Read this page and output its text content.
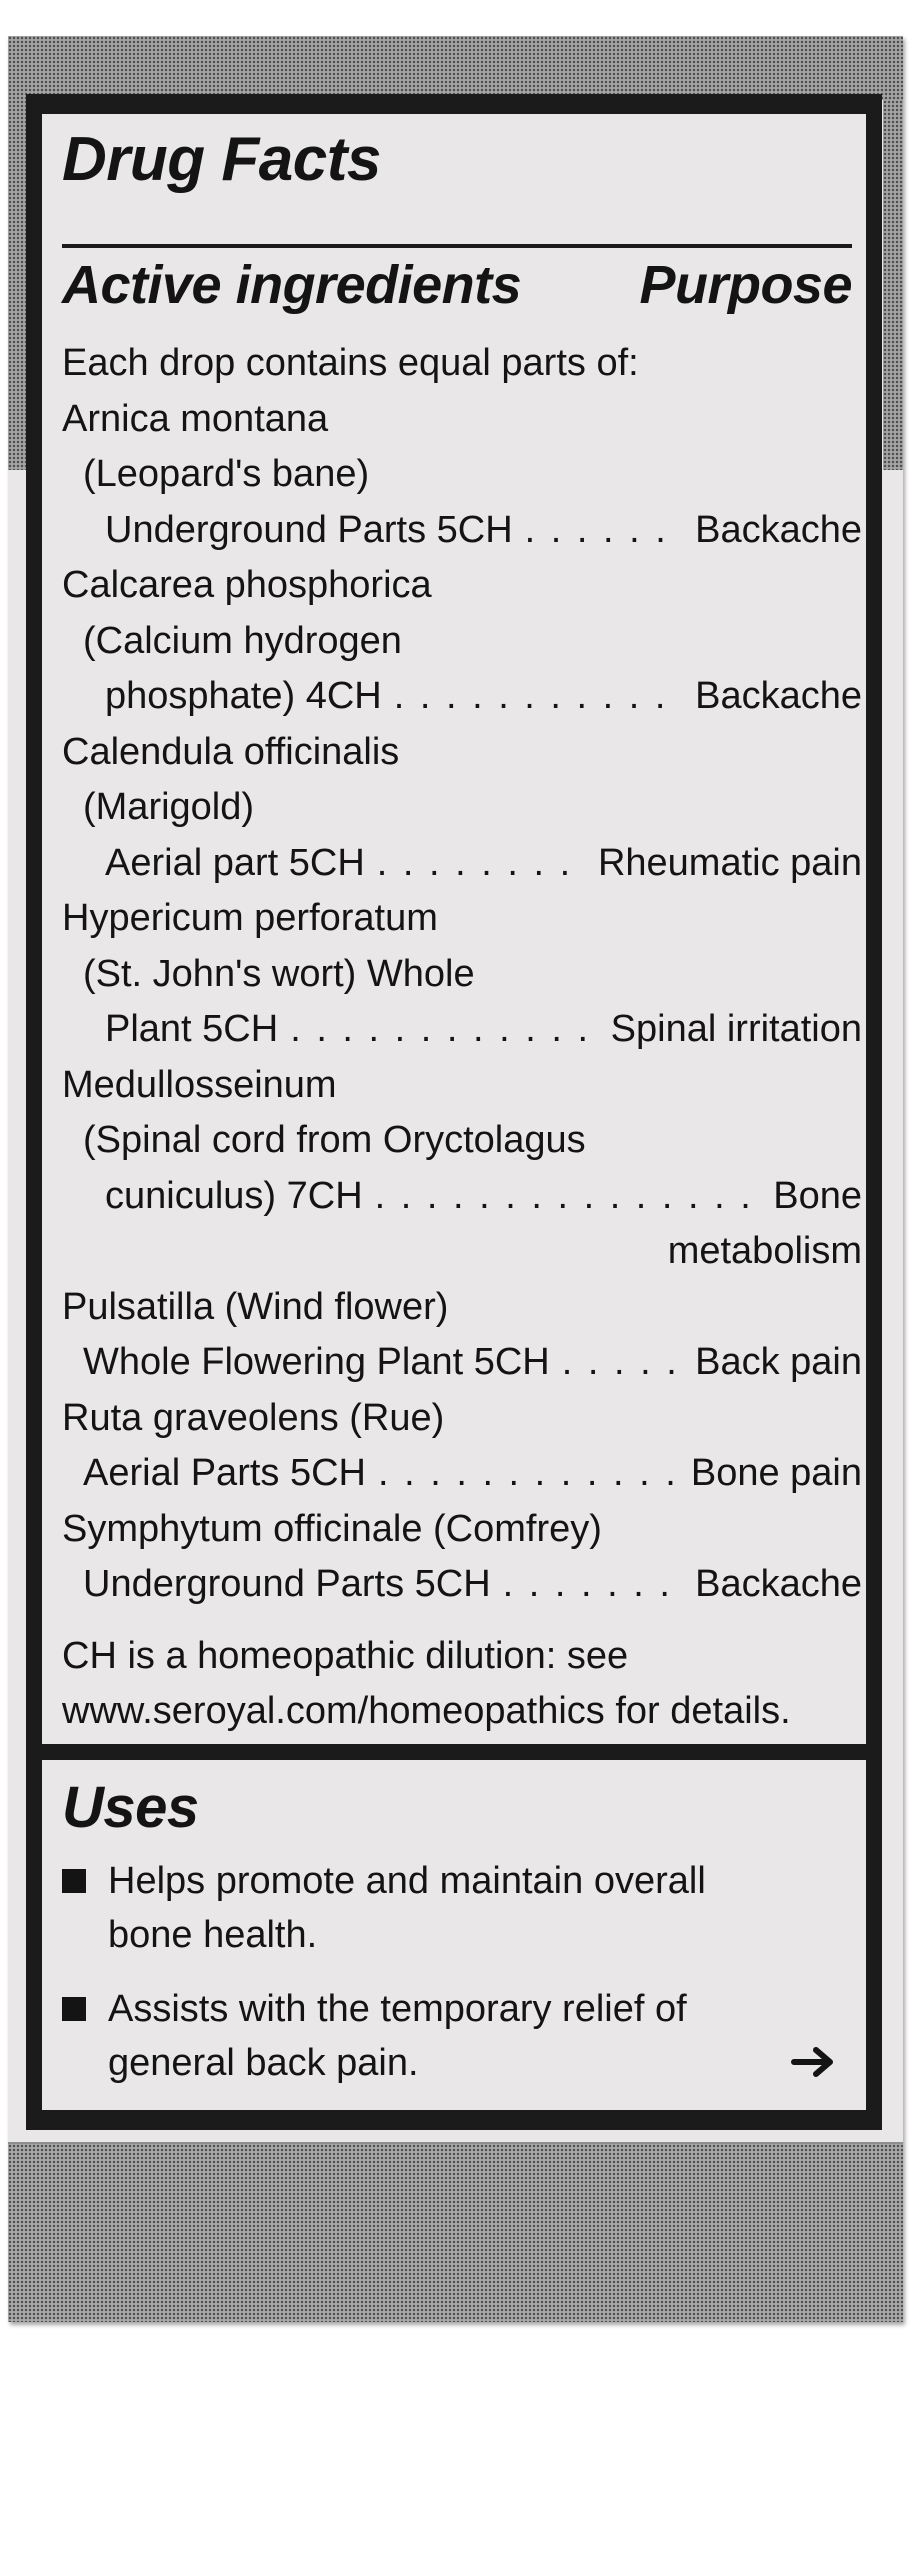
Drug Facts
Active ingredients Purpose
Each drop contains equal parts of:
Arnica montana
(Leopard's bane)
Underground Parts 5CH . . .	Backache
Calcarea phosphorica
(Calcium hydrogen
phosphate) 4CH . . .	Backache
Calendula officinalis
(Marigold)
Aerial part 5CH . . .	Rheumatic pain
Hypericum perforatum
(St. John's wort) Whole
Plant 5CH . . .	Spinal irritation
Medullosseinum
(Spinal cord from Oryctolagus
cuniculus) 7CH . . .	Bone
metabolism
Pulsatilla (Wind flower)
Whole Flowering Plant 5CH . . .	Back pain
Ruta graveolens (Rue)
Aerial Parts 5CH . . .	Bone pain
Symphytum officinale (Comfrey)
Underground Parts 5CH . . .	Backache
CH is a homeopathic dilution: see
www.seroyal.com/homeopathics for details.
Uses
Helps promote and maintain overall
bone health.
Assists with the temporary relief of
general back pain.
